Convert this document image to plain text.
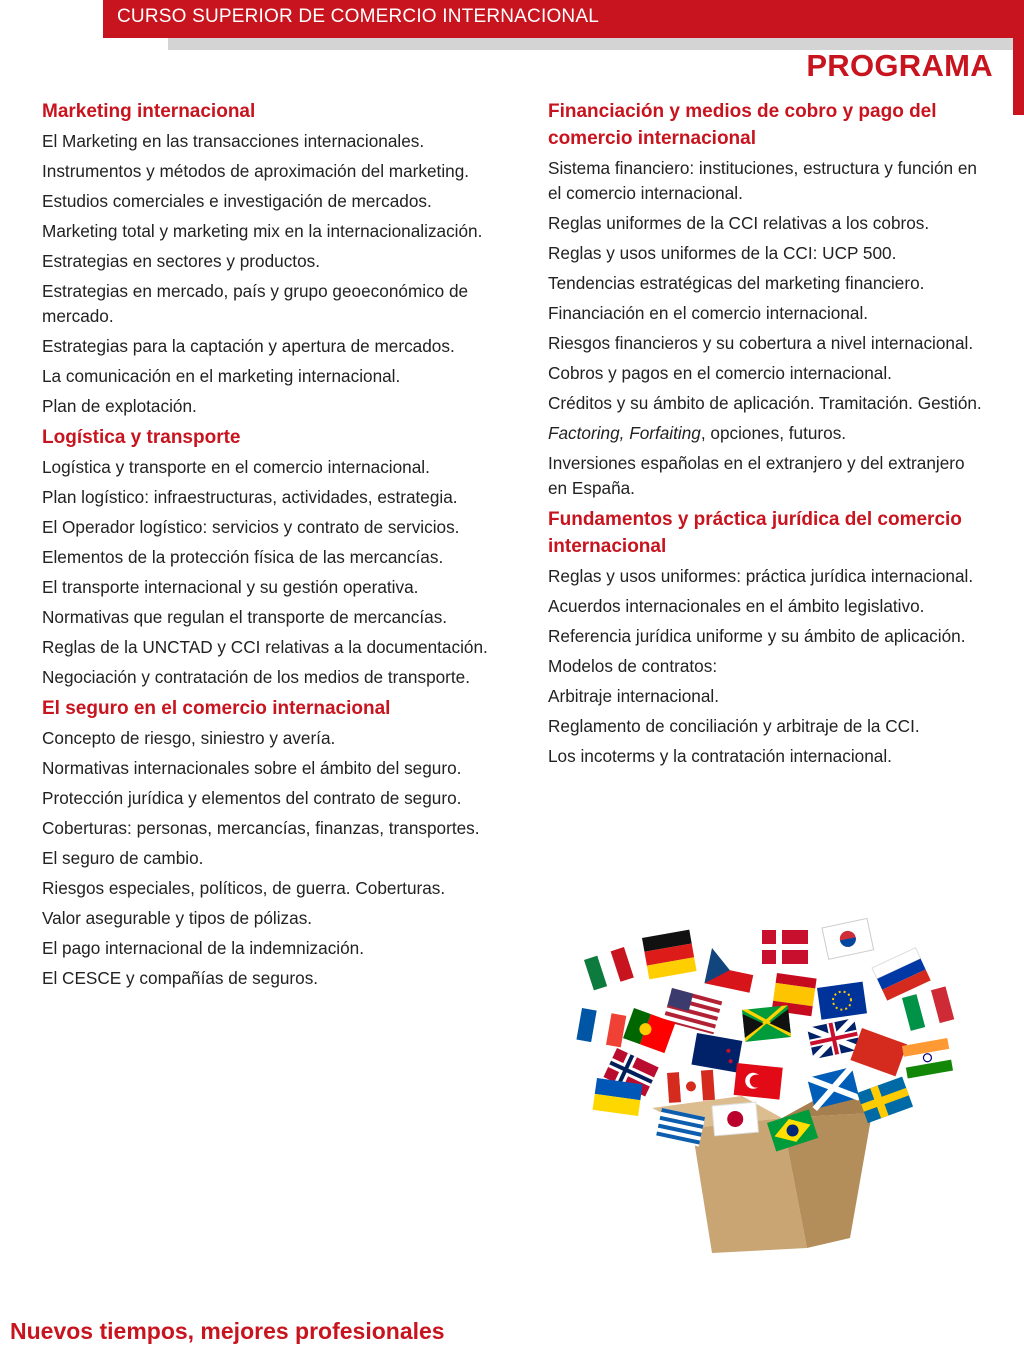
CURSO SUPERIOR DE COMERCIO INTERNACIONAL
PROGRAMA
Marketing internacional
El Marketing en las transacciones internacionales.
Instrumentos y métodos de aproximación del marketing.
Estudios comerciales e investigación de mercados.
Marketing total y marketing mix en la internacionalización.
Estrategias en sectores y productos.
Estrategias en mercado, país y grupo geoeconómico de mercado.
Estrategias para la captación y apertura de mercados.
La comunicación en el marketing internacional.
Plan de explotación.
Logística y transporte
Logística y transporte en el comercio internacional.
Plan logístico: infraestructuras, actividades, estrategia.
El Operador logístico: servicios y contrato de servicios.
Elementos de la protección física de las mercancías.
El transporte internacional y su gestión operativa.
Normativas que regulan el transporte de mercancías.
Reglas de la UNCTAD y CCI relativas a la documentación.
Negociación y contratación de los medios de transporte.
El seguro en el comercio internacional
Concepto de riesgo, siniestro y avería.
Normativas internacionales sobre el ámbito del seguro.
Protección jurídica y elementos del contrato de seguro.
Coberturas: personas, mercancías, finanzas, transportes.
El seguro de cambio.
Riesgos especiales, políticos, de guerra. Coberturas.
Valor asegurable y tipos de pólizas.
El pago internacional de la indemnización.
El CESCE y compañías de seguros.
Financiación y medios de cobro y pago del comercio internacional
Sistema financiero: instituciones, estructura y función en el comercio internacional.
Reglas uniformes de la CCI relativas a los cobros.
Reglas y usos uniformes de la CCI: UCP 500.
Tendencias estratégicas del marketing financiero.
Financiación en el comercio internacional.
Riesgos financieros y su cobertura a nivel internacional.
Cobros y pagos en el comercio internacional.
Créditos y su ámbito de aplicación. Tramitación. Gestión.
Factoring, Forfaiting, opciones, futuros.
Inversiones españolas en el extranjero y del extranjero en España.
Fundamentos y práctica jurídica del comercio internacional
Reglas y usos uniformes: práctica jurídica internacional.
Acuerdos internacionales en el ámbito legislativo.
Referencia jurídica uniforme y su ámbito de aplicación.
Modelos de contratos:
Arbitraje internacional.
Reglamento de conciliación y arbitraje de la CCI.
Los incoterms y la contratación internacional.
Nuevos tiempos, mejores profesionales
